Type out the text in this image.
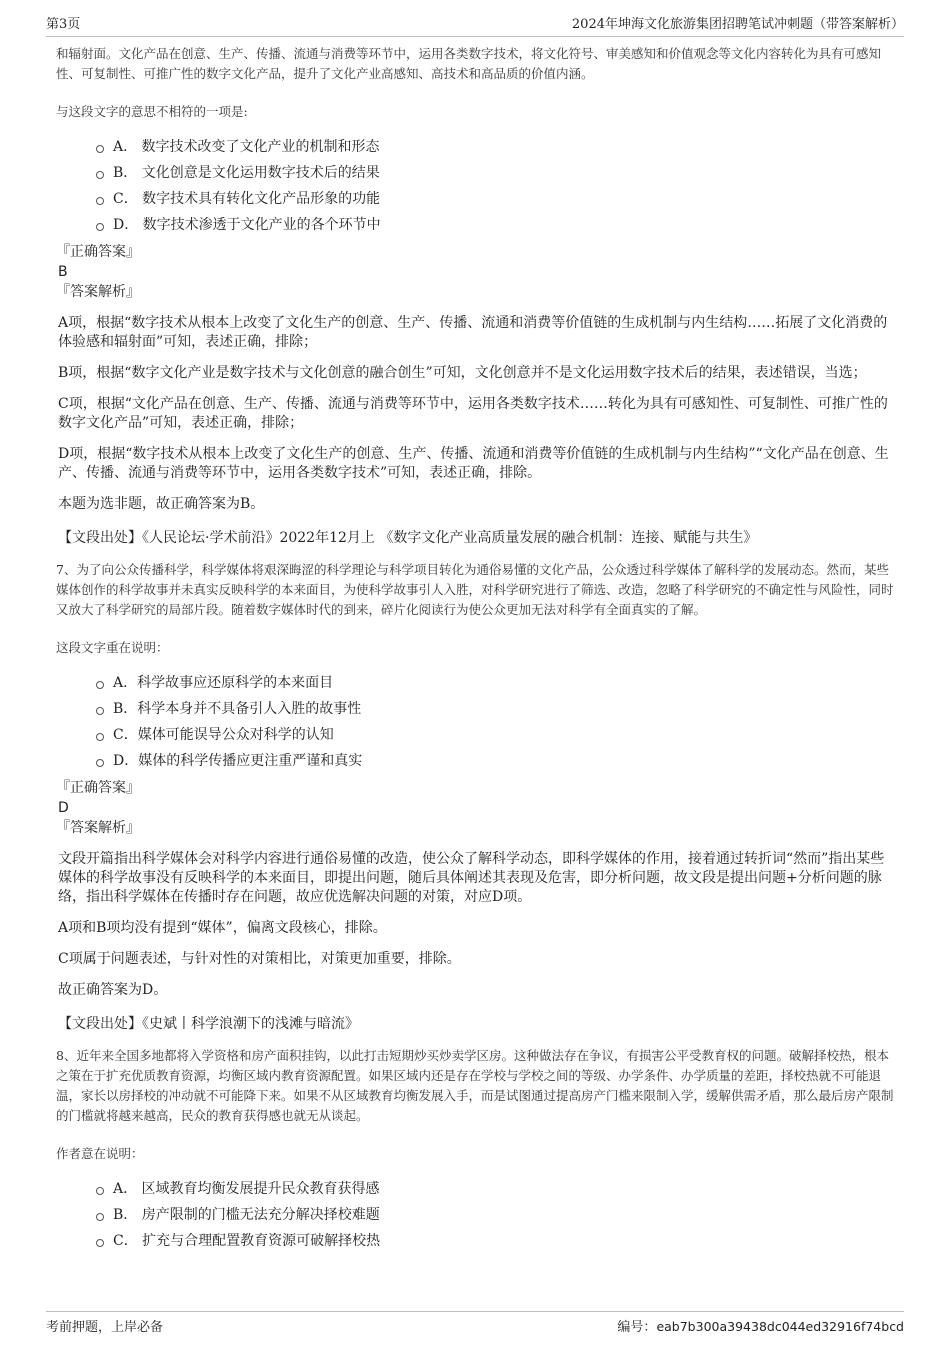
第3页	2024年坤海文化旅游集团招聘笔试冲刺题（带答案解析）

和辐射面。文化产品在创意、生产、传播、流通与消费等环节中，运用各类数字技术，将文化符号、审美感知和价值观念等文化内容转化为具有可感知性、可复制性、可推广性的数字文化产品，提升了文化产业高感知、高技术和高品质的价值内涵。

与这段文字的意思不相符的一项是:

A． 数字技术改变了文化产业的机制和形态
B． 文化创意是文化运用数字技术后的结果
C． 数字技术具有转化文化产品形象的功能
D． 数字技术渗透于文化产业的各个环节中

『正确答案』

B

『答案解析』

A项，根据“数字技术从根本上改变了文化生产的创意、生产、传播、流通和消费等价值链的生成机制与内生结构……拓展了文化消费的体验感和辐射面”可知，表述正确，排除；

B项，根据“数字文化产业是数字技术与文化创意的融合创生”可知，文化创意并不是文化运用数字技术后的结果，表述错误，当选；

C项，根据“文化产品在创意、生产、传播、流通与消费等环节中，运用各类数字技术……转化为具有可感知性、可复制性、可推广性的数字文化产品”可知，表述正确，排除；

D项，根据“数字技术从根本上改变了文化生产的创意、生产、传播、流通和消费等价值链的生成机制与内生结构”“文化产品在创意、生产、传播、流通与消费等环节中，运用各类数字技术”可知，表述正确，排除。

本题为选非题，故正确答案为B。

【文段出处】《人民论坛·学术前沿》2022年12月上 《数字文化产业高质量发展的融合机制：连接、赋能与共生》

7、为了向公众传播科学，科学媒体将艰深晦涩的科学理论与科学项目转化为通俗易懂的文化产品，公众透过科学媒体了解科学的发展动态。然而，某些媒体创作的科学故事并未真实反映科学的本来面目，为使科学故事引人入胜，对科学研究进行了筛选、改造，忽略了科学研究的不确定性与风险性，同时又放大了科学研究的局部片段。随着数字媒体时代的到来，碎片化阅读行为使公众更加无法对科学有全面真实的了解。

这段文字重在说明：

A．科学故事应还原科学的本来面目
B．科学本身并不具备引人入胜的故事性
C．媒体可能误导公众对科学的认知
D．媒体的科学传播应更注重严谨和真实

『正确答案』

D

『答案解析』

文段开篇指出科学媒体会对科学内容进行通俗易懂的改造，使公众了解科学动态，即科学媒体的作用，接着通过转折词“然而”指出某些媒体的科学故事没有反映科学的本来面目，即提出问题，随后具体阐述其表现及危害，即分析问题，故文段是提出问题+分析问题的脉络，指出科学媒体在传播时存在问题，故应优选解决问题的对策，对应D项。

A项和B项均没有提到“媒体”，偏离文段核心，排除。

C项属于问题表述，与针对性的对策相比，对策更加重要，排除。

故正确答案为D。

【文段出处】《史斌丨科学浪潮下的浅滩与暗流》

8、近年来全国多地都将入学资格和房产面积挂钩，以此打击短期炒买炒卖学区房。这种做法存在争议，有损害公平受教育权的问题。破解择校热，根本之策在于扩充优质教育资源，均衡区域内教育资源配置。如果区域内还是存在学校与学校之间的等级、办学条件、办学质量的差距，择校热就不可能退温，家长以房择校的冲动就不可能降下来。如果不从区域教育均衡发展入手，而是试图通过提高房产门槛来限制入学，缓解供需矛盾，那么最后房产限制的门槛就将越来越高，民众的教育获得感也就无从谈起。

作者意在说明：

A． 区域教育均衡发展提升民众教育获得感
B． 房产限制的门槛无法充分解决择校难题
C． 扩充与合理配置教育资源可破解择校热
考前押题，上岸必备	编号：eab7b300a39438dc044ed32916f74bcd
